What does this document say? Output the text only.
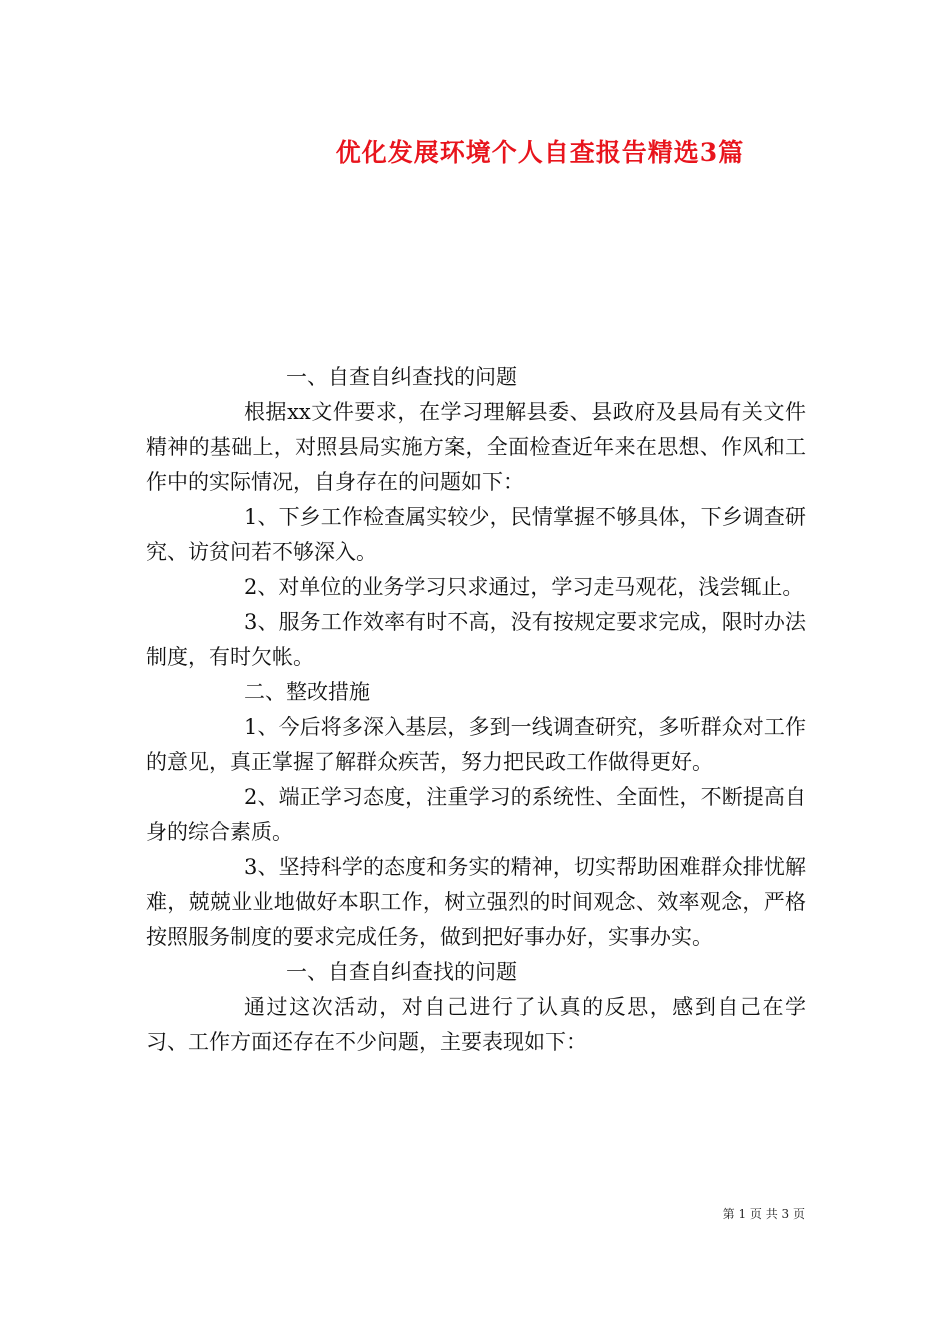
优化发展环境个人自查报告精选3篇

一、自查自纠查找的问题

根据xx文件要求，在学习理解县委、县政府及县局有关文件精神的基础上，对照县局实施方案，全面检查近年来在思想、作风和工作中的实际情况，自身存在的问题如下：

1、下乡工作检查属实较少，民情掌握不够具体，下乡调查研究、访贫问若不够深入。

2、对单位的业务学习只求通过，学习走马观花，浅尝辄止。

3、服务工作效率有时不高，没有按规定要求完成，限时办法制度，有时欠帐。

二、整改措施

1、今后将多深入基层，多到一线调查研究，多听群众对工作的意见，真正掌握了解群众疾苦，努力把民政工作做得更好。

2、端正学习态度，注重学习的系统性、全面性，不断提高自身的综合素质。

3、坚持科学的态度和务实的精神，切实帮助困难群众排忧解难，兢兢业业地做好本职工作，树立强烈的时间观念、效率观念，严格按照服务制度的要求完成任务，做到把好事办好，实事办实。

一、自查自纠查找的问题

通过这次活动，对自己进行了认真的反思，感到自己在学习、工作方面还存在不少问题，主要表现如下：

第 1 页 共 3 页
